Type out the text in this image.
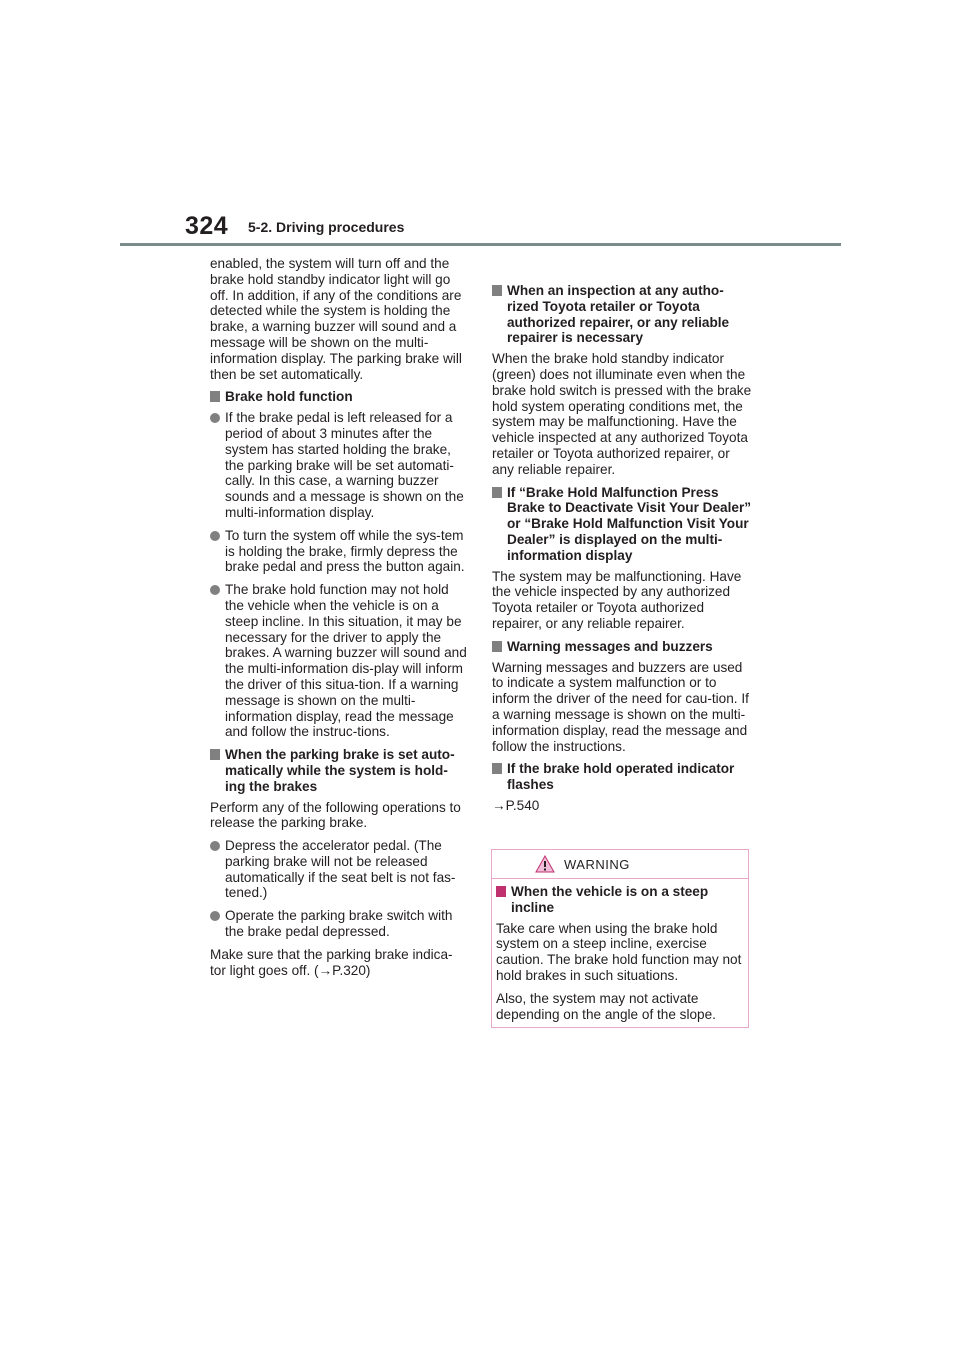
324 5-2. Driving procedures

enabled, the system will turn off and the brake hold standby indicator light will go off. In addition, if any of the conditions are detected while the system is holding the brake, a warning buzzer will sound and a message will be shown on the multi-information display. The parking brake will then be set automatically.

Brake hold function
If the brake pedal is left released for a period of about 3 minutes after the system has started holding the brake, the parking brake will be set automati-cally. In this case, a warning buzzer sounds and a message is shown on the multi-information display.
To turn the system off while the sys-tem is holding the brake, firmly depress the brake pedal and press the button again.
The brake hold function may not hold the vehicle when the vehicle is on a steep incline. In this situation, it may be necessary for the driver to apply the brakes. A warning buzzer will sound and the multi-information dis-play will inform the driver of this situa-tion. If a warning message is shown on the multi-information display, read the message and follow the instruc-tions.
When the parking brake is set auto-matically while the system is hold-ing the brakes

Perform any of the following operations to release the parking brake.

Depress the accelerator pedal. (The parking brake will not be released automatically if the seat belt is not fas-tened.)
Operate the parking brake switch with the brake pedal depressed.

Make sure that the parking brake indica-tor light goes off. (→P.320)

When an inspection at any autho-rized Toyota retailer or Toyota authorized repairer, or any reliable repairer is necessary

When the brake hold standby indicator (green) does not illuminate even when the brake hold switch is pressed with the brake hold system operating conditions met, the system may be malfunctioning. Have the vehicle inspected at any authorized Toyota retailer or Toyota authorized repairer, or any reliable repairer.

If “Brake Hold Malfunction Press Brake to Deactivate Visit Your Dealer” or “Brake Hold Malfunction Visit Your Dealer” is displayed on the multi-information display

The system may be malfunctioning. Have the vehicle inspected by any authorized Toyota retailer or Toyota authorized repairer, or any reliable repairer.

Warning messages and buzzers

Warning messages and buzzers are used to indicate a system malfunction or to inform the driver of the need for cau-tion. If a warning message is shown on the multi-information display, read the message and follow the instructions.

If the brake hold operated indicator flashes

→P.540

WARNING
When the vehicle is on a steep incline

Take care when using the brake hold system on a steep incline, exercise caution. The brake hold function may not hold brakes in such situations.

Also, the system may not activate depending on the angle of the slope.
